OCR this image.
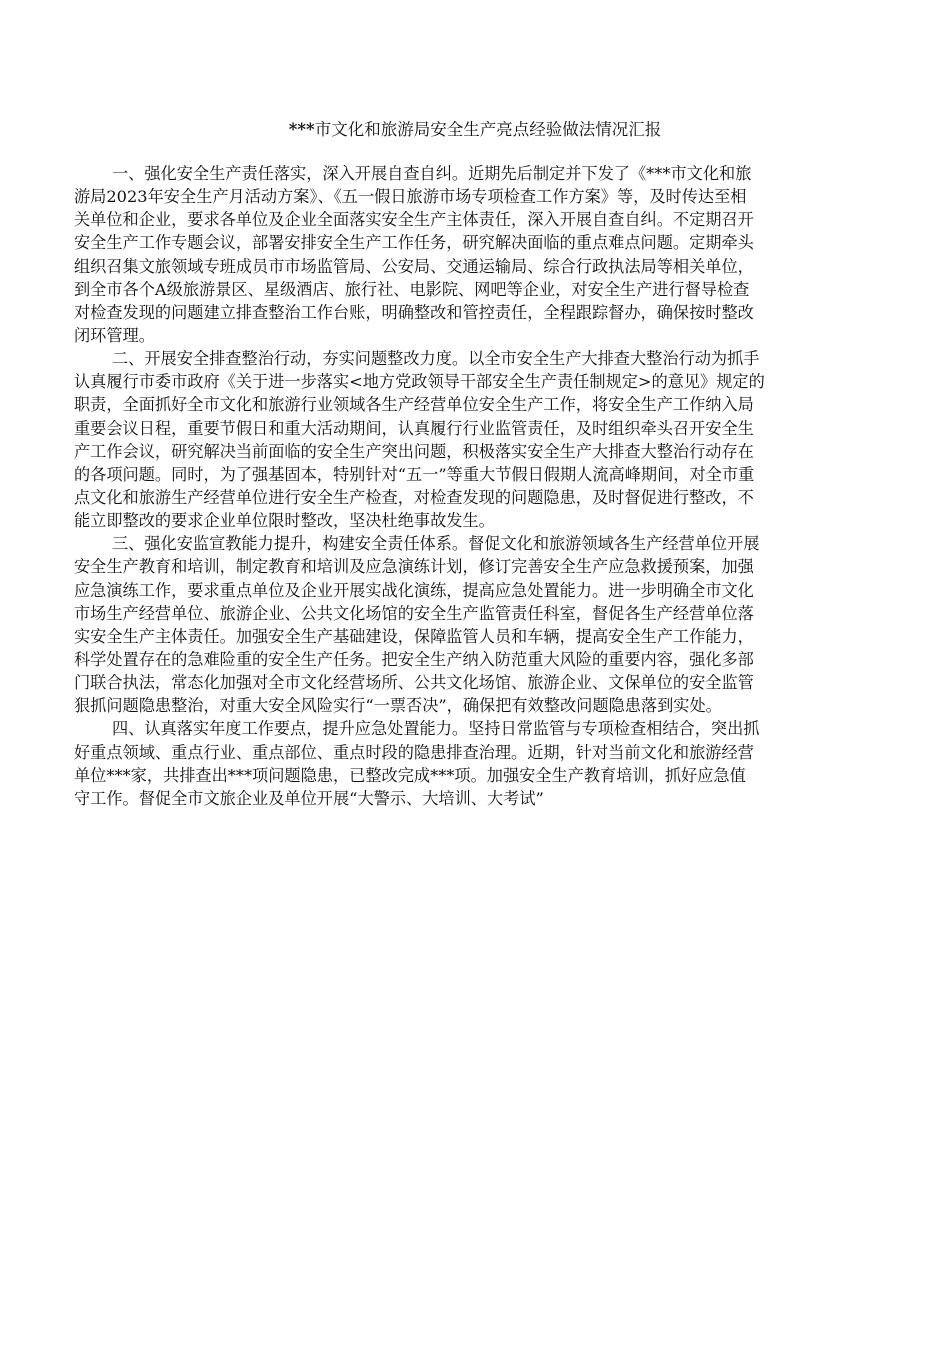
***市文化和旅游局安全生产亮点经验做法情况汇报

一、强化安全生产责任落实，深入开展自查自纠。近期先后制定并下发了《***市文化和旅
游局2023年安全生产月活动方案》、《五一假日旅游市场专项检查工作方案》等，及时传达至相
关单位和企业，要求各单位及企业全面落实安全生产主体责任，深入开展自查自纠。不定期召开
安全生产工作专题会议，部署安排安全生产工作任务，研究解决面临的重点难点问题。定期牵头
组织召集文旅领域专班成员市市场监管局、公安局、交通运输局、综合行政执法局等相关单位，
到全市各个A级旅游景区、星级酒店、旅行社、电影院、网吧等企业，对安全生产进行督导检查
对检查发现的问题建立排查整治工作台账，明确整改和管控责任，全程跟踪督办，确保按时整改
闭环管理。

二、开展安全排查整治行动，夯实问题整改力度。以全市安全生产大排查大整治行动为抓手
认真履行市委市政府《关于进一步落实<地方党政领导干部安全生产责任制规定>的意见》规定的
职责，全面抓好全市文化和旅游行业领域各生产经营单位安全生产工作，将安全生产工作纳入局
重要会议日程，重要节假日和重大活动期间，认真履行行业监管责任，及时组织牵头召开安全生
产工作会议，研究解决当前面临的安全生产突出问题，积极落实安全生产大排查大整治行动存在
的各项问题。同时，为了强基固本，特别针对“五一”等重大节假日假期人流高峰期间，对全市重
点文化和旅游生产经营单位进行安全生产检查，对检查发现的问题隐患，及时督促进行整改，不
能立即整改的要求企业单位限时整改，坚决杜绝事故发生。

三、强化安监宣教能力提升，构建安全责任体系。督促文化和旅游领域各生产经营单位开展
安全生产教育和培训，制定教育和培训及应急演练计划，修订完善安全生产应急救援预案，加强
应急演练工作，要求重点单位及企业开展实战化演练，提高应急处置能力。进一步明确全市文化
市场生产经营单位、旅游企业、公共文化场馆的安全生产监管责任科室，督促各生产经营单位落
实安全生产主体责任。加强安全生产基础建设，保障监管人员和车辆，提高安全生产工作能力，
科学处置存在的急难险重的安全生产任务。把安全生产纳入防范重大风险的重要内容，强化多部
门联合执法，常态化加强对全市文化经营场所、公共文化场馆、旅游企业、文保单位的安全监管
狠抓问题隐患整治，对重大安全风险实行“一票否决”，确保把有效整改问题隐患落到实处。

四、认真落实年度工作要点，提升应急处置能力。坚持日常监管与专项检查相结合，突出抓
好重点领域、重点行业、重点部位、重点时段的隐患排查治理。近期，针对当前文化和旅游经营
单位***家，共排查出***项问题隐患，已整改完成***项。加强安全生产教育培训，抓好应急值
守工作。督促全市文旅企业及单位开展“大警示、大培训、大考试”
